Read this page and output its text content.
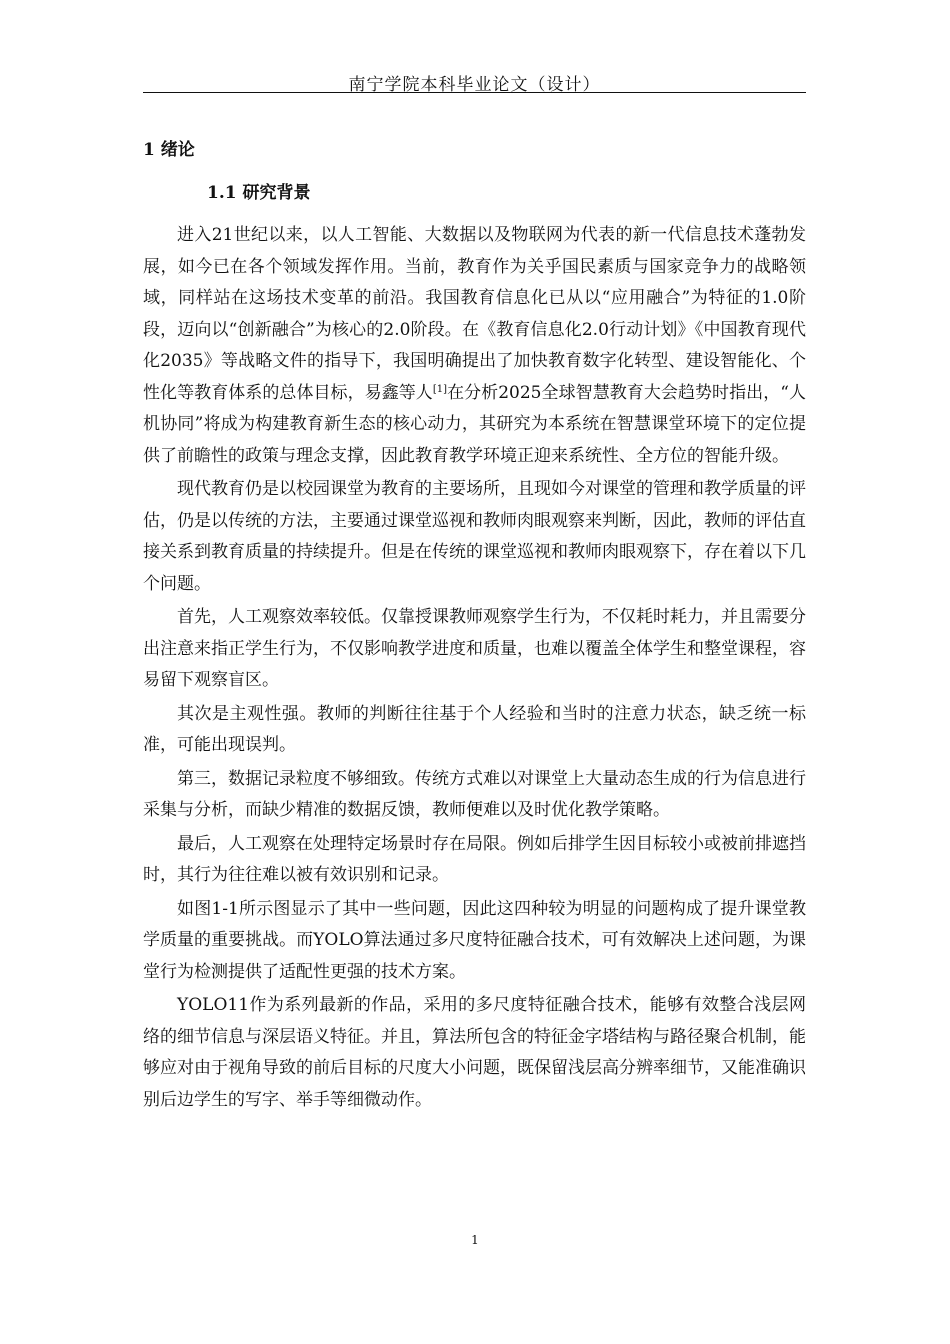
南宁学院本科毕业论文（设计）
1 绪论
1.1 研究背景

进入21世纪以来，以人工智能、大数据以及物联网为代表的新一代信息技术蓬勃发展，如今已在各个领域发挥作用。当前，教育作为关乎国民素质与国家竞争力的战略领域，同样站在这场技术变革的前沿。我国教育信息化已从以“应用融合”为特征的1.0阶段，迈向以“创新融合”为核心的2.0阶段。在《教育信息化2.0行动计划》《中国教育现代化2035》等战略文件的指导下，我国明确提出了加快教育数字化转型、建设智能化、个性化等教育体系的总体目标，易鑫等人[1]在分析2025全球智慧教育大会趋势时指出，“人机协同”将成为构建教育新生态的核心动力，其研究为本系统在智慧课堂环境下的定位提供了前瞻性的政策与理念支撑，因此教育教学环境正迎来系统性、全方位的智能升级。

现代教育仍是以校园课堂为教育的主要场所，且现如今对课堂的管理和教学质量的评估，仍是以传统的方法，主要通过课堂巡视和教师肉眼观察来判断，因此，教师的评估直接关系到教育质量的持续提升。但是在传统的课堂巡视和教师肉眼观察下，存在着以下几个问题。

首先，人工观察效率较低。仅靠授课教师观察学生行为，不仅耗时耗力，并且需要分出注意来指正学生行为，不仅影响教学进度和质量，也难以覆盖全体学生和整堂课程，容易留下观察盲区。

其次是主观性强。教师的判断往往基于个人经验和当时的注意力状态，缺乏统一标准，可能出现误判。

第三，数据记录粒度不够细致。传统方式难以对课堂上大量动态生成的行为信息进行采集与分析，而缺少精准的数据反馈，教师便难以及时优化教学策略。

最后，人工观察在处理特定场景时存在局限。例如后排学生因目标较小或被前排遮挡时，其行为往往难以被有效识别和记录。

如图1-1所示图显示了其中一些问题，因此这四种较为明显的问题构成了提升课堂教学质量的重要挑战。而YOLO算法通过多尺度特征融合技术，可有效解决上述问题，为课堂行为检测提供了适配性更强的技术方案。

YOLO11作为系列最新的作品，采用的多尺度特征融合技术，能够有效整合浅层网络的细节信息与深层语义特征。并且，算法所包含的特征金字塔结构与路径聚合机制，能够应对由于视角导致的前后目标的尺度大小问题，既保留浅层高分辨率细节，又能准确识别后边学生的写字、举手等细微动作。

1
